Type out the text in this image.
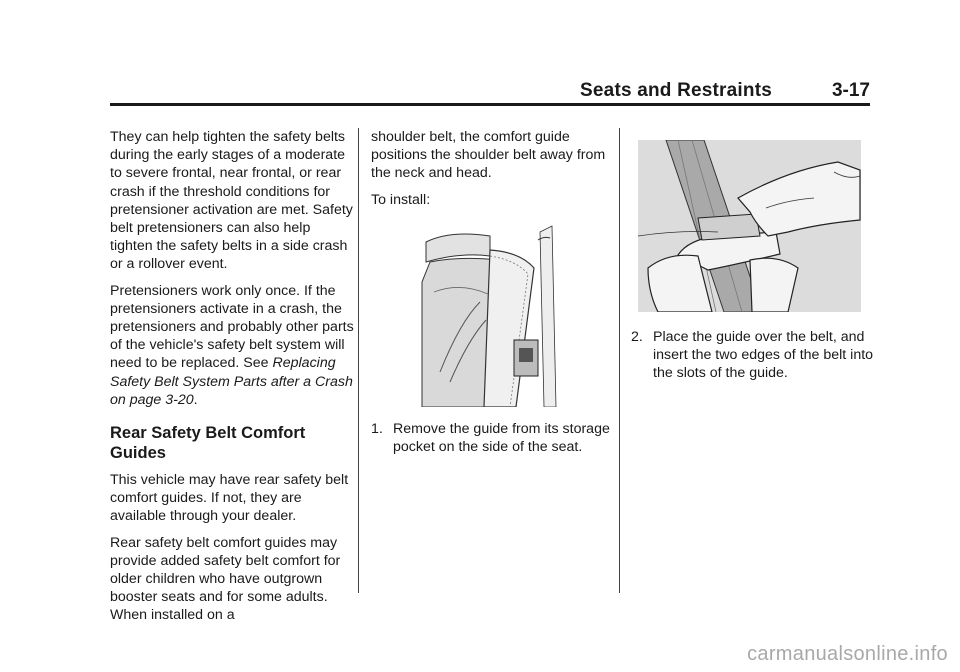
Seats and Restraints	3-17

They can help tighten the safety belts during the early stages of a moderate to severe frontal, near frontal, or rear crash if the threshold conditions for pretensioner activation are met. Safety belt pretensioners can also help tighten the safety belts in a side crash or a rollover event.

Pretensioners work only once. If the pretensioners activate in a crash, the pretensioners and probably other parts of the vehicle's safety belt system will need to be replaced. See Replacing Safety Belt System Parts after a Crash on page 3-20.

Rear Safety Belt Comfort Guides

This vehicle may have rear safety belt comfort guides. If not, they are available through your dealer.

Rear safety belt comfort guides may provide added safety belt comfort for older children who have outgrown booster seats and for some adults. When installed on a

shoulder belt, the comfort guide positions the shoulder belt away from the neck and head.

To install:

1. Remove the guide from its storage pocket on the side of the seat.
2. Place the guide over the belt, and insert the two edges of the belt into the slots of the guide.
carmanualsonline.info
